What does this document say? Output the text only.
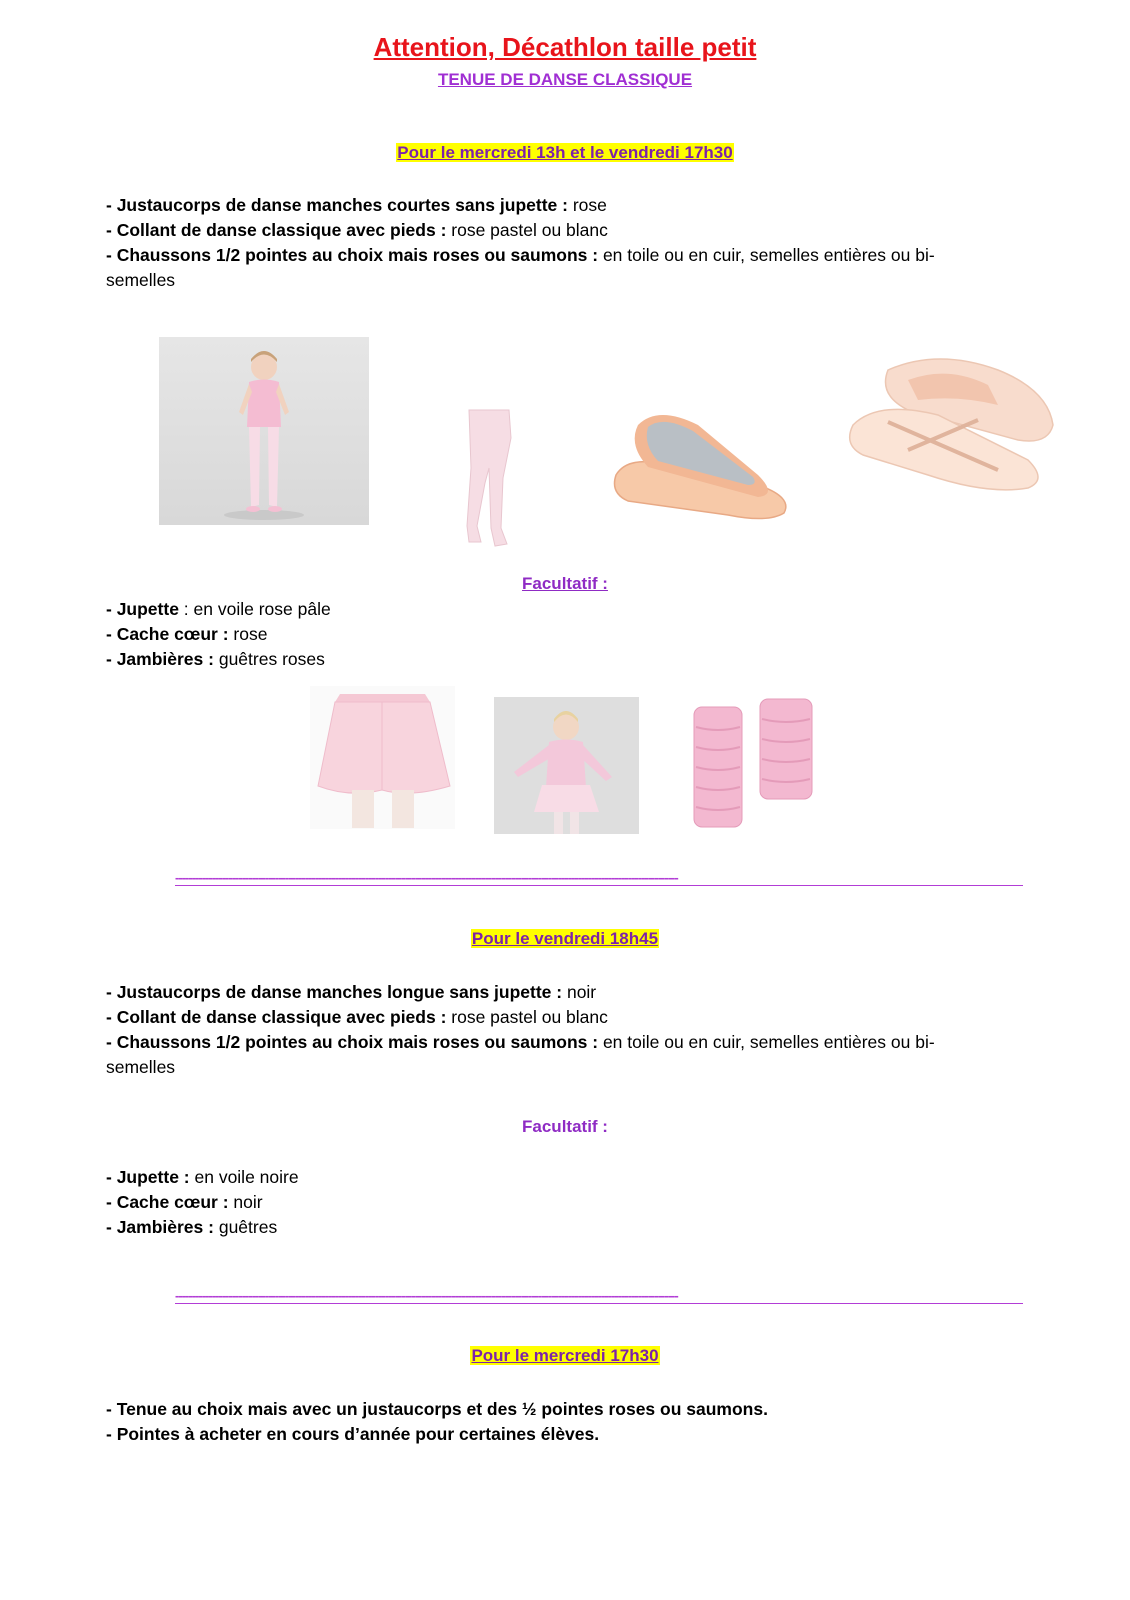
Attention, Décathlon taille petit
TENUE DE DANSE CLASSIQUE
Pour le mercredi 13h et le vendredi 17h30
- Justaucorps de danse manches courtes sans jupette : rose
- Collant de danse classique avec pieds : rose pastel ou blanc
- Chaussons 1/2 pointes au choix mais roses ou saumons : en toile ou en cuir, semelles entières ou bi-semelles
Facultatif :
- Jupette : en voile rose pâle
- Cache cœur : rose
- Jambières : guêtres roses
-------------------------------------------------------------------------------------------------------------------------------------------------------
Pour le vendredi 18h45
- Justaucorps de danse manches longue sans jupette : noir
- Collant de danse classique avec pieds : rose pastel ou blanc
- Chaussons 1/2 pointes au choix mais roses ou saumons : en toile ou en cuir, semelles entières ou bi-semelles
Facultatif :
- Jupette : en voile noire
- Cache cœur : noir
- Jambières : guêtres
-------------------------------------------------------------------------------------------------------------------------------------------------------
Pour le mercredi 17h30
- Tenue au choix mais avec un justaucorps et des ½ pointes roses ou saumons.
- Pointes à acheter en cours d’année pour certaines élèves.
